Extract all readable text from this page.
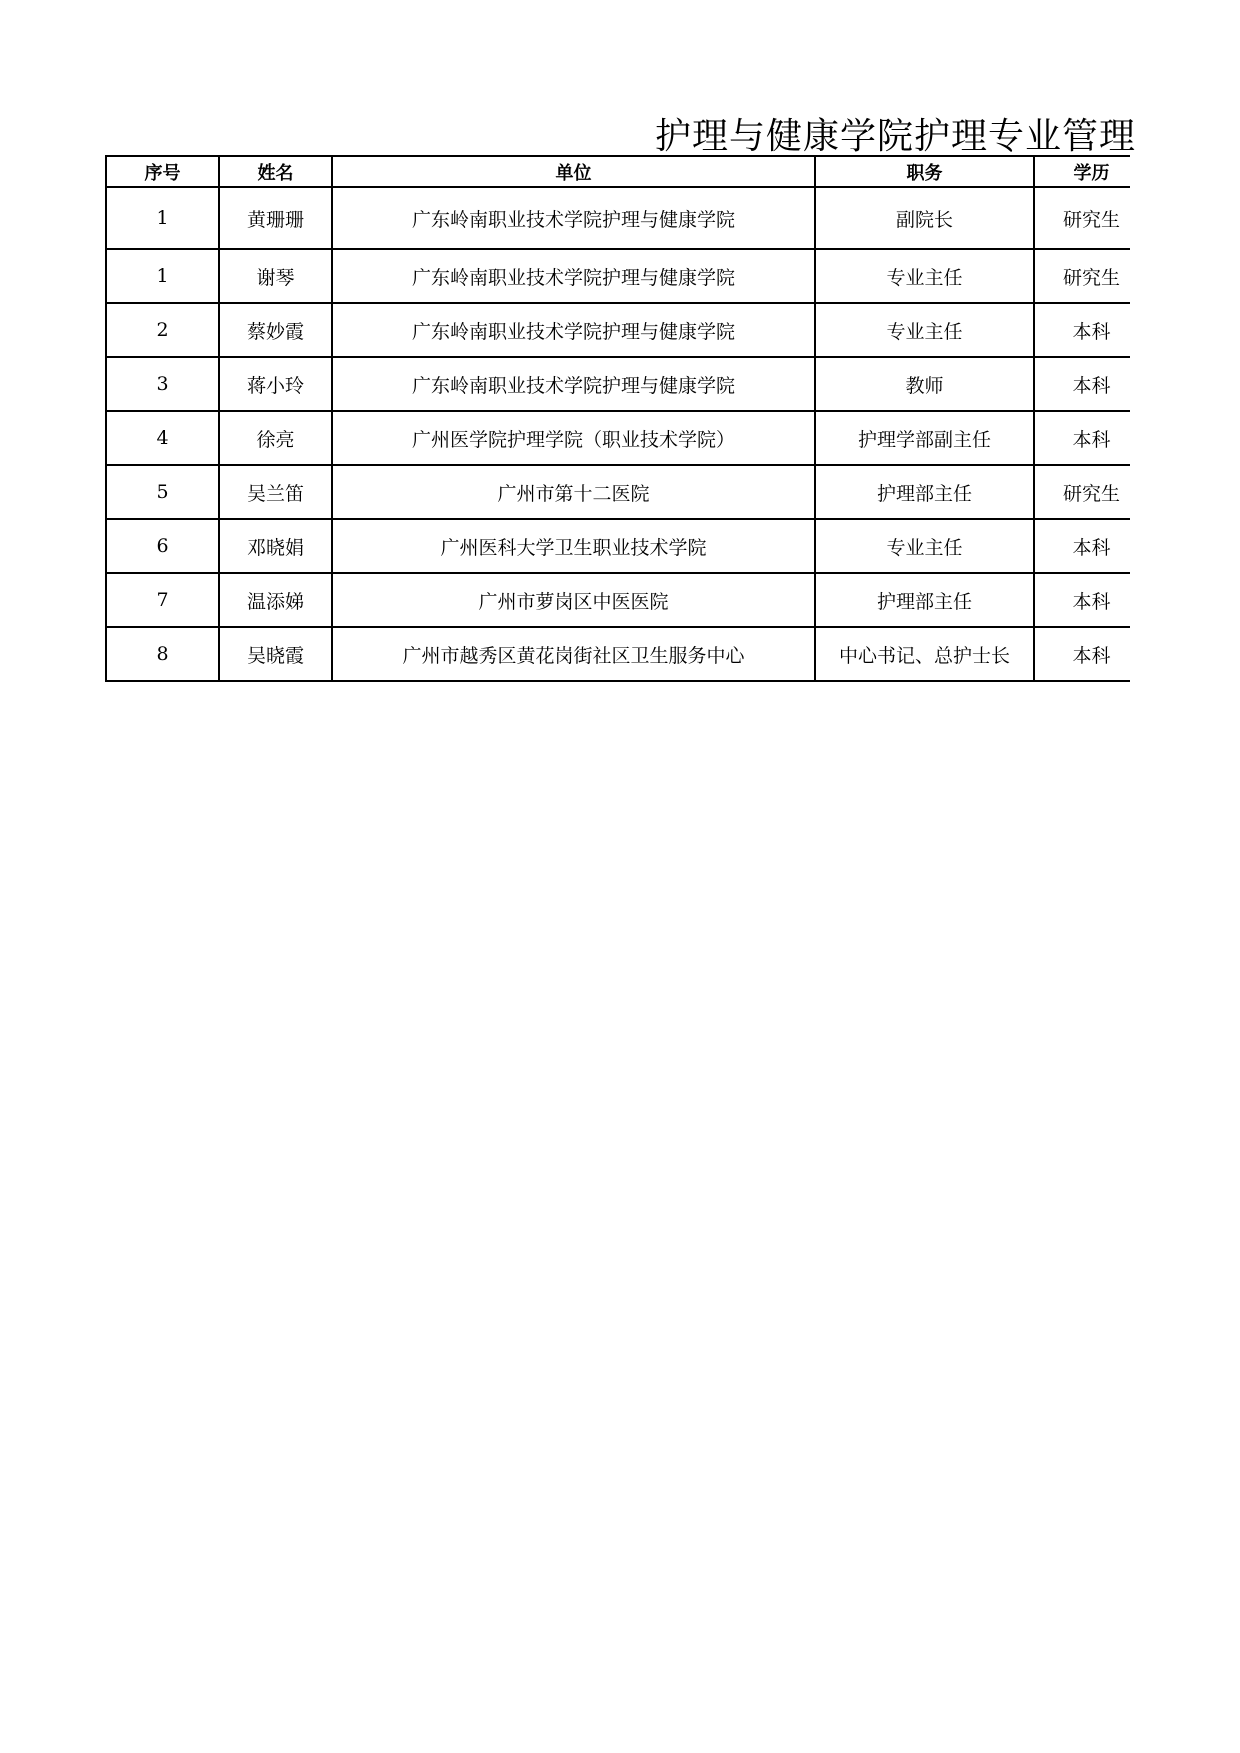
护理与健康学院护理专业管理
序号	姓名	单位	职务	学历
1	黄珊珊	广东岭南职业技术学院护理与健康学院	副院长	研究生
1	谢琴	广东岭南职业技术学院护理与健康学院	专业主任	研究生
2	蔡妙霞	广东岭南职业技术学院护理与健康学院	专业主任	本科
3	蒋小玲	广东岭南职业技术学院护理与健康学院	教师	本科
4	徐亮	广州医学院护理学院（职业技术学院）	护理学部副主任	本科
5	吴兰笛	广州市第十二医院	护理部主任	研究生
6	邓晓娟	广州医科大学卫生职业技术学院	专业主任	本科
7	温添娣	广州市萝岗区中医医院	护理部主任	本科
8	吴晓霞	广州市越秀区黄花岗街社区卫生服务中心	中心书记、总护士长	本科
